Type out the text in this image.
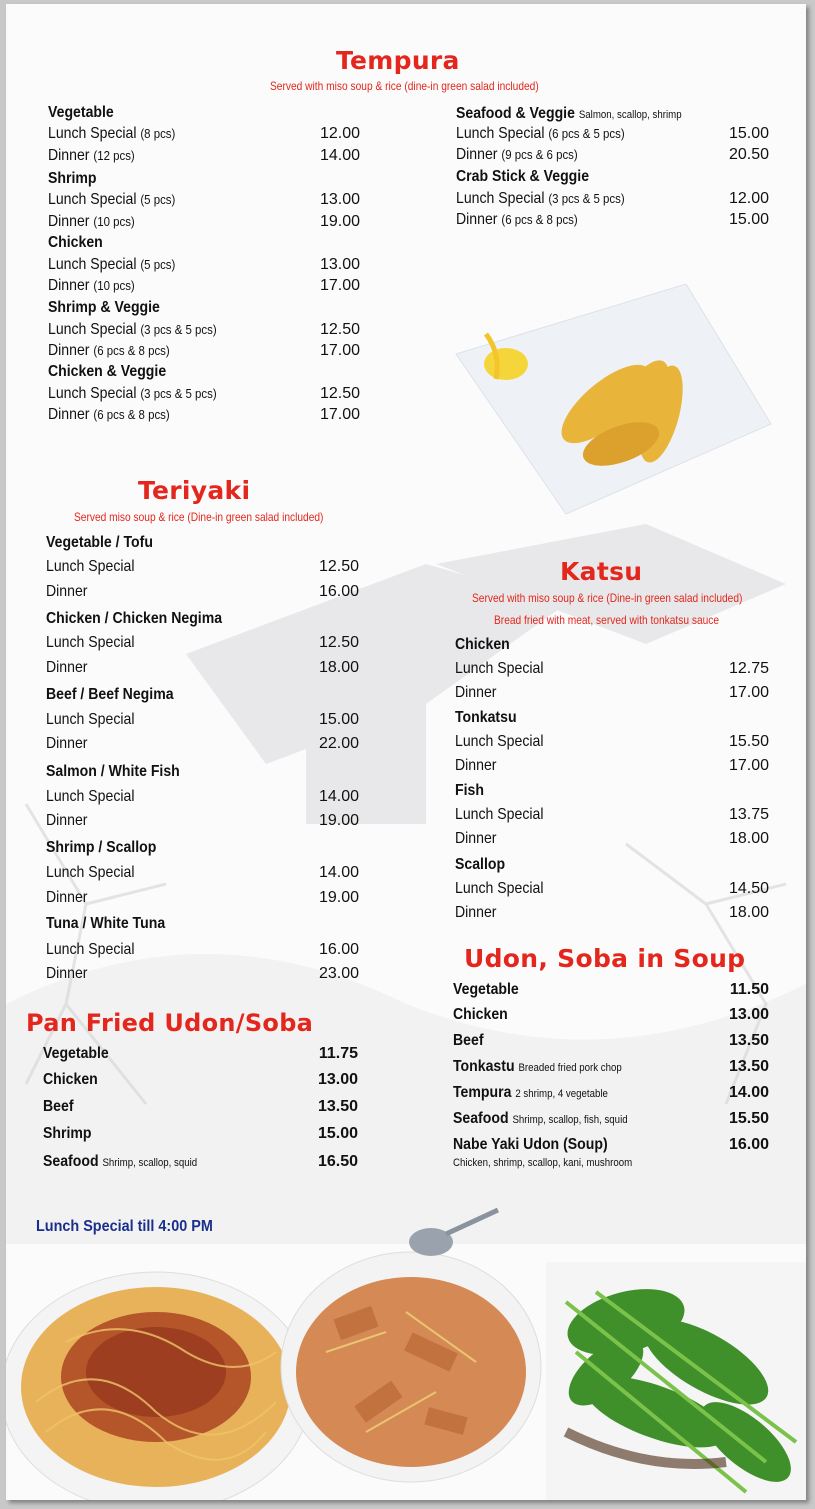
Tempura
Served with miso soup & rice (dine-in green salad included)
Vegetable
Lunch Special (8 pcs)	12.00
Dinner (12 pcs)	14.00
Shrimp
Lunch Special (5 pcs)	13.00
Dinner (10 pcs)	19.00
Chicken
Lunch Special (5 pcs)	13.00
Dinner (10 pcs)	17.00
Shrimp & Veggie
Lunch Special (3 pcs & 5 pcs)	12.50
Dinner (6 pcs & 8 pcs)	17.00
Chicken & Veggie
Lunch Special (3 pcs & 5 pcs)	12.50
Dinner (6 pcs & 8 pcs)	17.00
Seafood & Veggie Salmon, scallop, shrimp
Lunch Special (6 pcs & 5 pcs)	15.00
Dinner (9 pcs & 6 pcs)	20.50
Crab Stick & Veggie
Lunch Special (3 pcs & 5 pcs)	12.00
Dinner (6 pcs & 8 pcs)	15.00
Teriyaki
Served miso soup & rice (Dine-in green salad included)
Vegetable / Tofu
Lunch Special	12.50
Dinner	16.00
Chicken / Chicken Negima
Lunch Special	12.50
Dinner	18.00
Beef / Beef Negima
Lunch Special	15.00
Dinner	22.00
Salmon / White Fish
Lunch Special	14.00
Dinner	19.00
Shrimp / Scallop
Lunch Special	14.00
Dinner	19.00
Tuna / White Tuna
Lunch Special	16.00
Dinner	23.00
Katsu
Served with miso soup & rice (Dine-in green salad included)
Bread fried with meat, served with tonkatsu sauce
Chicken
Lunch Special	12.75
Dinner	17.00
Tonkatsu
Lunch Special	15.50
Dinner	17.00
Fish
Lunch Special	13.75
Dinner	18.00
Scallop
Lunch Special	14.50
Dinner	18.00
Pan Fried Udon/Soba
Vegetable	11.75
Chicken	13.00
Beef	13.50
Shrimp	15.00
Seafood Shrimp, scallop, squid	16.50
Udon, Soba in Soup
Vegetable	11.50
Chicken	13.00
Beef	13.50
Tonkastu Breaded fried pork chop	13.50
Tempura 2 shrimp, 4 vegetable	14.00
Seafood Shrimp, scallop, fish, squid	15.50
Nabe Yaki Udon (Soup)	16.00
Chicken, shrimp, scallop, kani, mushroom
Lunch Special till 4:00 PM
